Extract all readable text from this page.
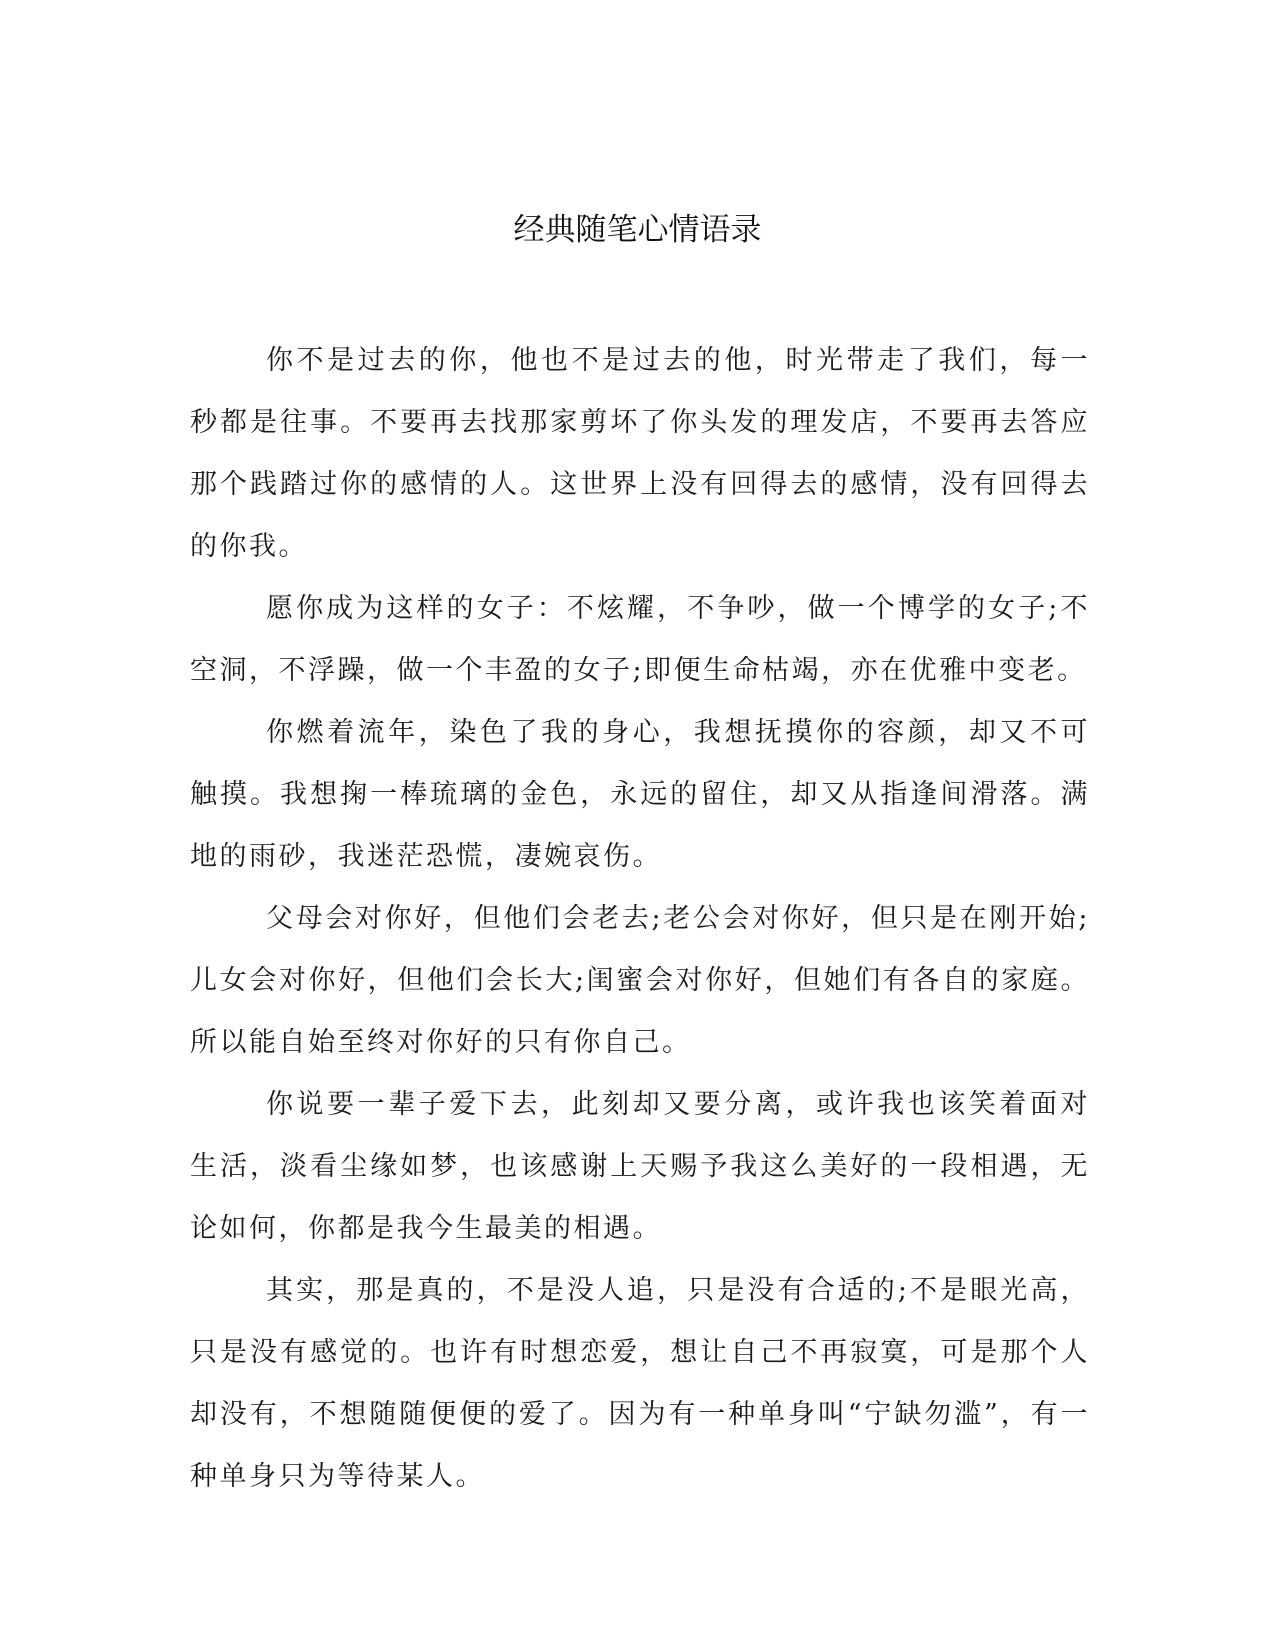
经典随笔心情语录

你不是过去的你，他也不是过去的他，时光带走了我们，每一秒都是往事。不要再去找那家剪坏了你头发的理发店，不要再去答应那个践踏过你的感情的人。这世界上没有回得去的感情，没有回得去的你我。

愿你成为这样的女子：不炫耀，不争吵，做一个博学的女子;不空洞，不浮躁，做一个丰盈的女子;即便生命枯竭，亦在优雅中变老。

你燃着流年，染色了我的身心，我想抚摸你的容颜，却又不可触摸。我想掬一棒琉璃的金色，永远的留住，却又从指逢间滑落。满地的雨砂，我迷茫恐慌，凄婉哀伤。

父母会对你好，但他们会老去;老公会对你好，但只是在刚开始;儿女会对你好，但他们会长大;闺蜜会对你好，但她们有各自的家庭。所以能自始至终对你好的只有你自己。

你说要一辈子爱下去，此刻却又要分离，或许我也该笑着面对生活，淡看尘缘如梦，也该感谢上天赐予我这么美好的一段相遇，无论如何，你都是我今生最美的相遇。

其实，那是真的，不是没人追，只是没有合适的;不是眼光高，只是没有感觉的。也许有时想恋爱，想让自己不再寂寞，可是那个人却没有，不想随随便便的爱了。因为有一种单身叫“宁缺勿滥”，有一种单身只为等待某人。
